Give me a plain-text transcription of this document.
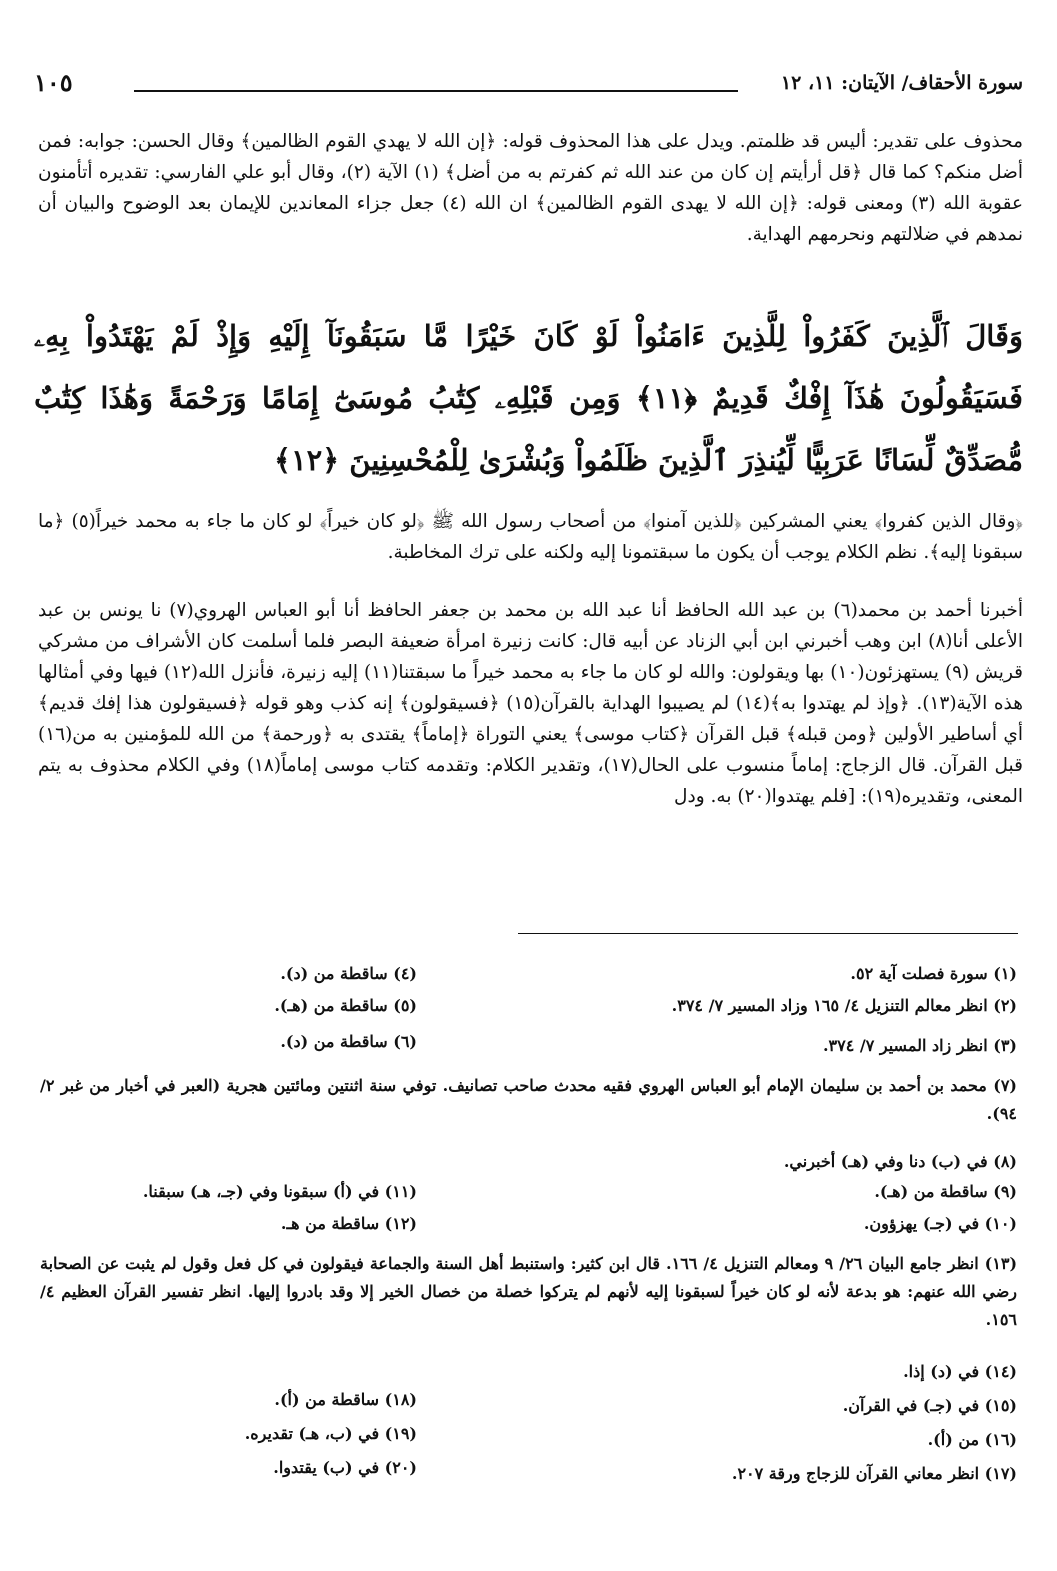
سورة الأحقاف/ الآيتان: ١١، ١٢
١٠٥
محذوف على تقدير: أليس قد ظلمتم. ويدل على هذا المحذوف قوله: ﴿إن الله لا يهدي القوم الظالمين﴾ وقال الحسن: جوابه: فمن أضل منكم؟ كما قال ﴿قل أرأيتم إن كان من عند الله ثم كفرتم به من أضل﴾ (١) الآية (٢)، وقال أبو علي الفارسي: تقديره أتأمنون عقوبة الله (٣) ومعنى قوله: ﴿إن الله لا يهدى القوم الظالمين﴾ ان الله (٤) جعل جزاء المعاندين للإيمان بعد الوضوح والبيان أن نمدهم في ضلالتهم ونحرمهم الهداية.
وَقَالَ ٱلَّذِينَ كَفَرُواْ لِلَّذِينَ ءَامَنُواْ لَوْ كَانَ خَيْرًا مَّا سَبَقُونَآ إِلَيْهِ وَإِذْ لَمْ يَهْتَدُواْ بِهِۦ فَسَيَقُولُونَ هَٰذَآ إِفْكٌ قَدِيمٌ ﴿١١﴾ وَمِن قَبْلِهِۦ كِتَٰبُ مُوسَىٰٓ إِمَامًا وَرَحْمَةً وَهَٰذَا كِتَٰبٌ مُّصَدِّقٌ لِّسَانًا عَرَبِيًّا لِّيُنذِرَ ٱلَّذِينَ ظَلَمُواْ وَبُشْرَىٰ لِلْمُحْسِنِينَ ﴿١٢﴾
﴿وقال الذين كفروا﴾ يعني المشركين ﴿للذين آمنوا﴾ من أصحاب رسول الله ﷺ ﴿لو كان خيراً﴾ لو كان ما جاء به محمد خيراً(٥) ﴿ما سبقونا إليه﴾. نظم الكلام يوجب أن يكون ما سبقتمونا إليه ولكنه على ترك المخاطبة.
أخبرنا أحمد بن محمد(٦) بن عبد الله الحافظ أنا عبد الله بن محمد بن جعفر الحافظ أنا أبو العباس الهروي(٧) نا يونس بن عبد الأعلى أنا(٨) ابن وهب أخبرني ابن أبي الزناد عن أبيه قال: كانت زنيرة امرأة ضعيفة البصر فلما أسلمت كان الأشراف من مشركي قريش (٩) يستهزئون(١٠) بها ويقولون: والله لو كان ما جاء به محمد خيراً ما سبقتنا(١١) إليه زنيرة، فأنزل الله(١٢) فيها وفي أمثالها هذه الآية(١٣). ﴿وإذ لم يهتدوا به﴾(١٤) لم يصيبوا الهداية بالقرآن(١٥) ﴿فسيقولون﴾ إنه كذب وهو قوله ﴿فسيقولون هذا إفك قديم﴾ أي أساطير الأولين ﴿ومن قبله﴾ قبل القرآن ﴿كتاب موسى﴾ يعني التوراة ﴿إماماً﴾ يقتدى به ﴿ورحمة﴾ من الله للمؤمنين به من(١٦) قبل القرآن. قال الزجاج: إماماً منسوب على الحال(١٧)، وتقدير الكلام: وتقدمه كتاب موسى إماماً(١٨) وفي الكلام محذوف به يتم المعنى، وتقديره(١٩): [فلم يهتدوا(٢٠) به. ودل
(١) سورة فصلت آية ٥٢.
(٢) انظر معالم التنزيل ٤/ ١٦٥ وزاد المسير ٧/ ٣٧٤.
(٣) انظر زاد المسير ٧/ ٣٧٤.
(٤) ساقطة من (د).
(٥) ساقطة من (هـ).
(٦) ساقطة من (د).
(٧) محمد بن أحمد بن سليمان الإمام أبو العباس الهروي فقيه محدث صاحب تصانيف. توفي سنة اثنتين ومائتين هجرية (العبر في أخبار من غبر ٢/ ٩٤).
(٨) في (ب) دنا وفي (هـ) أخبرني.
(٩) ساقطة من (هـ).
(١٠) في (جـ) يهزؤون.
(١١) في (أ) سبقونا وفي (جـ، هـ) سبقنا.
(١٢) ساقطة من هـ.
(١٣) انظر جامع البيان ٢٦/ ٩ ومعالم التنزيل ٤/ ١٦٦. قال ابن كثير: واستنبط أهل السنة والجماعة فيقولون في كل فعل وقول لم يثبت عن الصحابة رضي الله عنهم: هو بدعة لأنه لو كان خيراً لسبقونا إليه لأنهم لم يتركوا خصلة من خصال الخير إلا وقد بادروا إليها. انظر تفسير القرآن العظيم ٤/ ١٥٦.
(١٤) في (د) إذا.
(١٥) في (جـ) في القرآن.
(١٦) من (أ).
(١٧) انظر معاني القرآن للزجاج ورقة ٢٠٧.
(١٨) ساقطة من (أ).
(١٩) في (ب، هـ) تقديره.
(٢٠) في (ب) يقتدوا.
